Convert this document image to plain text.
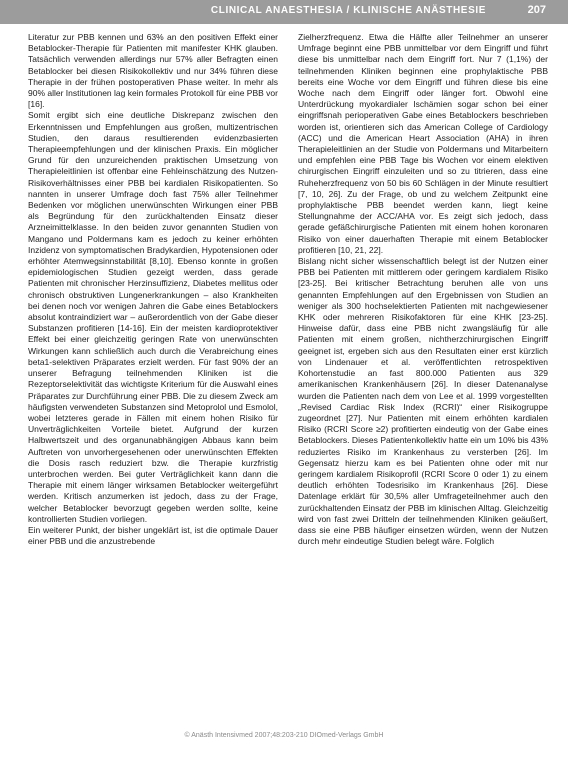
CLINICAL ANAESTHESIA / KLINISCHE ANÄSTHESIE	207

Literatur zur PBB kennen und 63% an den positiven Effekt einer Betablocker-Therapie für Patienten mit manifester KHK glauben. Tatsächlich verwenden allerdings nur 57% aller Befragten einen Betablocker bei diesen Risikokollektiv und nur 34% führen diese Therapie in der frühen postoperativen Phase weiter. In mehr als 90% aller Institutionen lag kein formales Protokoll für eine PBB vor [16].

Somit ergibt sich eine deutliche Diskrepanz zwischen den Erkenntnissen und Empfehlungen aus großen, multizentrischen Studien, den daraus resultierenden evidenzbasierten Therapieempfehlungen und der klinischen Praxis. Ein möglicher Grund für den unzureichenden praktischen Umsetzung von Therapieleitlinien ist offenbar eine Fehleinschätzung des Nutzen-Risikoverhältnisses einer PBB bei kardialen Risikopatienten. So nannten in unserer Umfrage doch fast 75% aller Teilnehmer Bedenken vor möglichen unerwünschten Wirkungen einer PBB als Begründung für den zurückhaltenden Einsatz dieser Arzneimittelklasse. In den beiden zuvor genannten Studien von Mangano und Poldermans kam es jedoch zu keiner erhöhten Inzidenz von symptomatischen Bradykardien, Hypotensionen oder erhöhter Atemwegsinnstabilität [8,10]. Ebenso konnte in großen epidemiologischen Studien gezeigt werden, dass gerade Patienten mit chronischer Herzinsuffizienz, Diabetes mellitus oder chronisch obstruktiven Lungenerkrankungen – also Krankheiten bei denen noch vor wenigen Jahren die Gabe eines Betablockers absolut kontraindiziert war – außerordentlich von der Gabe dieser Substanzen profitieren [14-16]. Ein der meisten kardioprotektiver Effekt bei einer gleichzeitig geringen Rate von unerwünschten Wirkungen kann schließlich auch durch die Verabreichung eines beta1-selektiven Präparates erzielt werden. Für fast 90% der an unserer Befragung teilnehmenden Kliniken ist die Rezeptorselektivität das wichtigste Kriterium für die Auswahl eines Präparates zur Durchführung einer PBB. Die zu diesem Zweck am häufigsten verwendeten Substanzen sind Metoprolol und Esmolol, wobei letzteres gerade in Fällen mit einem hohen Risiko für Unverträglichkeiten Vorteile bietet. Aufgrund der kurzen Halbwertszeit und des organunabhängigen Abbaus kann beim Auftreten von unvorhergesehenen oder unerwünschten Effekten die Dosis rasch reduziert bzw. die Therapie kurzfristig unterbrochen werden. Bei guter Verträglichkeit kann dann die Therapie mit einem länger wirksamen Betablocker weitergeführt werden. Kritisch anzumerken ist jedoch, dass zu der Frage, welcher Betablocker bevorzugt gegeben werden sollte, keine kontrollierten Studien vorliegen.

Ein weiterer Punkt, der bisher ungeklärt ist, ist die optimale Dauer einer PBB und die anzustrebende

Zielherzfrequenz. Etwa die Hälfte aller Teilnehmer an unserer Umfrage beginnt eine PBB unmittelbar vor dem Eingriff und führt diese bis unmittelbar nach dem Eingriff fort. Nur 7 (1,1%) der teilnehmenden Kliniken beginnen eine prophylaktische PBB bereits eine Woche vor dem Eingriff und führen diese bis eine Woche nach dem Eingriff oder länger fort. Obwohl eine Unterdrückung myokardialer Ischämien sogar schon bei einer eingriffsnah perioperativen Gabe eines Betablockers beschrieben worden ist, orientieren sich das American College of Cardiology (ACC) und die American Heart Association (AHA) in ihren Therapieleitlinien an der Studie von Poldermans und Mitarbeitern und empfehlen eine PBB Tage bis Wochen vor einem elektiven chirurgischen Eingriff einzuleiten und so zu titrieren, dass eine Ruheherzfrequenz von 50 bis 60 Schlägen in der Minute resultiert [7, 10, 26]. Zu der Frage, ob und zu welchem Zeitpunkt eine prophylaktische PBB beendet werden kann, liegt keine Stellungnahme der ACC/AHA vor. Es zeigt sich jedoch, dass gerade gefäßchirurgische Patienten mit einem hohen koronaren Risiko von einer dauerhaften Therapie mit einem Betablocker profitieren [10, 21, 22].

Bislang nicht sicher wissenschaftlich belegt ist der Nutzen einer PBB bei Patienten mit mittlerem oder geringem kardialem Risiko [23-25]. Bei kritischer Betrachtung beruhen alle von uns genannten Empfehlungen auf den Ergebnissen von Studien an weniger als 300 hochselektierten Patienten mit nachgewiesener KHK oder mehreren Risikofaktoren für eine KHK [23-25]. Hinweise dafür, dass eine PBB nicht zwangsläufig für alle Patienten mit einem großen, nichtherzchirurgischen Eingriff geeignet ist, ergeben sich aus den Resultaten einer erst kürzlich von Lindenauer et al. veröffentlichten retrospektiven Kohortenstudie an fast 800.000 Patienten aus 329 amerikanischen Krankenhäusern [26]. In dieser Datenanalyse wurden die Patienten nach dem von Lee et al. 1999 vorgestellten „Revised Cardiac Risk Index (RCRI)“ einer Risikogruppe zugeordnet [27]. Nur Patienten mit einem erhöhten kardialen Risiko (RCRI Score ≥2) profitierten eindeutig von der Gabe eines Betablockers. Dieses Patientenkollektiv hatte ein um 10% bis 43% reduziertes Risiko im Krankenhaus zu versterben [26]. Im Gegensatz hierzu kam es bei Patienten ohne oder mit nur geringem kardialem Risikoprofil (RCRI Score 0 oder 1) zu einem deutlich erhöhten Todesrisiko im Krankenhaus [26]. Diese Datenlage erklärt für 30,5% aller Umfrageteilnehmer auch den zurückhaltenden Einsatz der PBB im klinischen Alltag. Gleichzeitig wird von fast zwei Dritteln der teilnehmenden Kliniken geäußert, dass sie eine PBB häufiger einsetzen würden, wenn der Nutzen durch mehr eindeutige Studien belegt wäre. Folglich

© Anästh Intensivmed 2007;48:203-210 DIOmed-Verlags GmbH
